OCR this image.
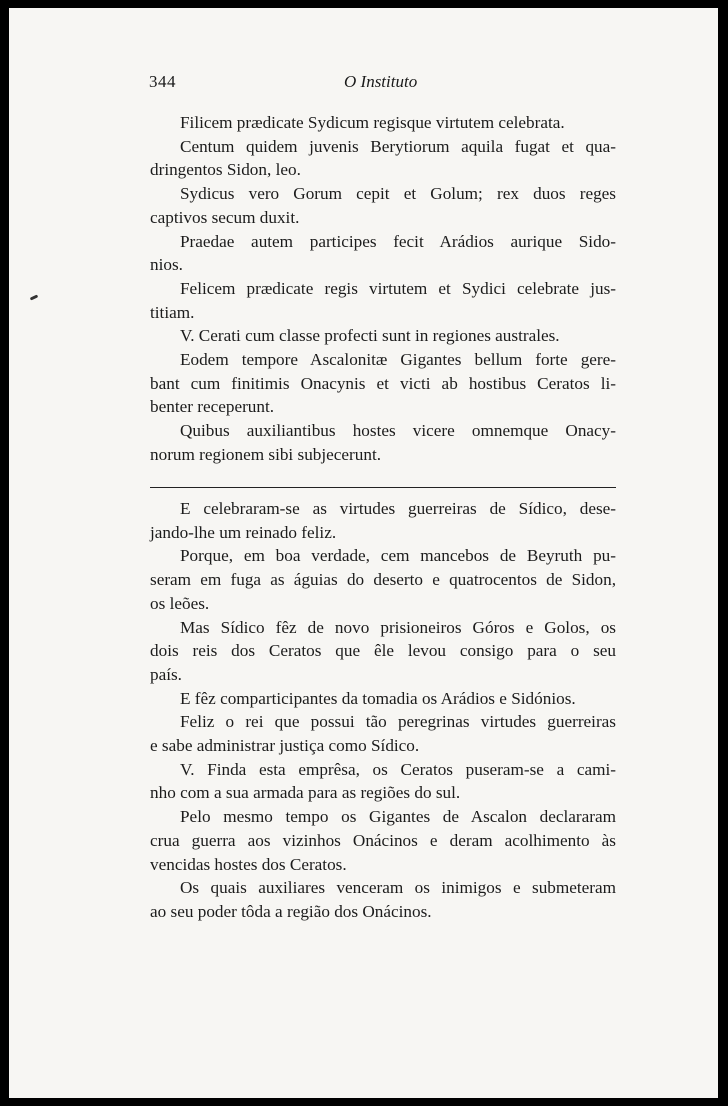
344	O Instituto

Filicem prædicate Sydicum regisque virtutem celebrata.

Centum quidem juvenis Berytiorum aquila fugat et qua-
dringentos Sidon, leo.

Sydicus vero Gorum cepit et Golum; rex duos reges
captivos secum duxit.

Praedae autem participes fecit Arádios aurique Sido-
nios.

Felicem prædicate regis virtutem et Sydici celebrate jus-
titiam.

V. Cerati cum classe profecti sunt in regiones australes.

Eodem tempore Ascalonitæ Gigantes bellum forte gere-
bant cum finitimis Onacynis et victi ab hostibus Ceratos li-
benter receperunt.

Quibus auxiliantibus hostes vicere omnemque Onacy-
norum regionem sibi subjecerunt.

E celebraram-se as virtudes guerreiras de Sídico, dese-
jando-lhe um reinado feliz.

Porque, em boa verdade, cem mancebos de Beyruth pu-
seram em fuga as águias do deserto e quatrocentos de Sidon,
os leões.

Mas Sídico fêz de novo prisioneiros Góros e Golos, os
dois reis dos Ceratos que êle levou consigo para o seu
país.

E fêz comparticipantes da tomadia os Arádios e Sidónios.

Feliz o rei que possui tão peregrinas virtudes guerreiras
e sabe administrar justiça como Sídico.

V. Finda esta emprêsa, os Ceratos puseram-se a cami-
nho com a sua armada para as regiões do sul.

Pelo mesmo tempo os Gigantes de Ascalon declararam
crua guerra aos vizinhos Onácinos e deram acolhimento às
vencidas hostes dos Ceratos.

Os quais auxiliares venceram os inimigos e submeteram
ao seu poder tôda a região dos Onácinos.
